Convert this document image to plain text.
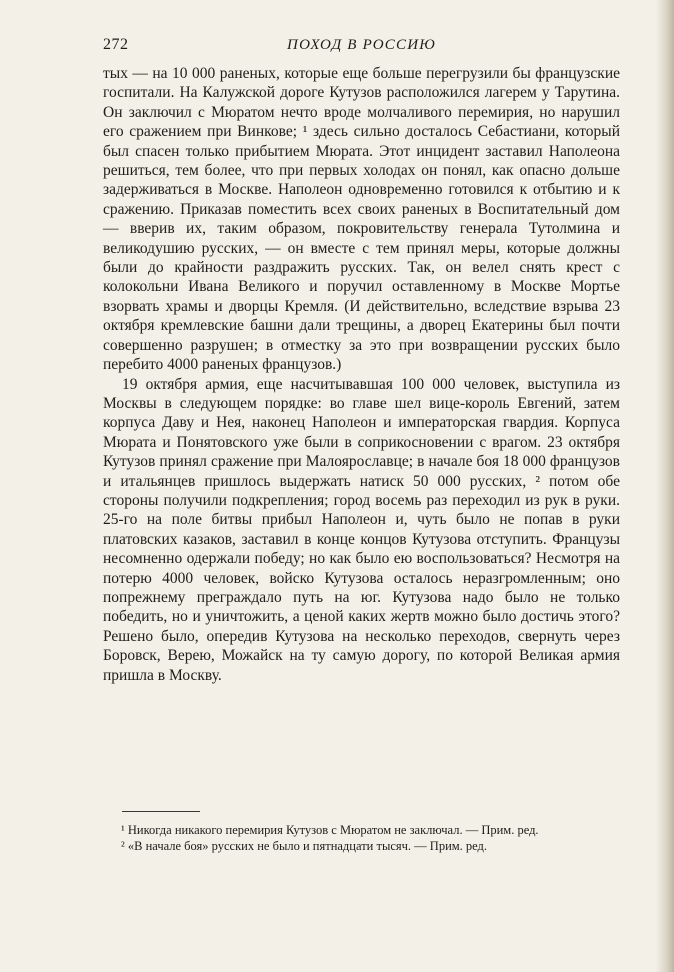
272	ПОХОД В РОССИЮ

тых — на 10 000 раненых, которые еще больше перегрузили бы французские госпитали. На Калужской дороге Кутузов расположился лагерем у Тарутина. Он заключил с Мюратом нечто вроде молчаливого перемирия, но нарушил его сражением при Винкове; ¹ здесь сильно досталось Себастиани, который был спасен только прибытием Мюрата. Этот инцидент заставил Наполеона решиться, тем более, что при первых холодах он понял, как опасно дольше задерживаться в Москве. Наполеон одновременно готовился к отбытию и к сражению. Приказав поместить всех своих раненых в Воспитательный дом — вверив их, таким образом, покровительству генерала Тутолмина и великодушию русских, — он вместе с тем принял меры, которые должны были до крайности раздражить русских. Так, он велел снять крест с колокольни Ивана Великого и поручил оставленному в Москве Мортье взорвать храмы и дворцы Кремля. (И действительно, вследствие взрыва 23 октября кремлевские башни дали трещины, а дворец Екатерины был почти совершенно разрушен; в отместку за это при возвращении русских было перебито 4000 раненых французов.)

19 октября армия, еще насчитывавшая 100 000 человек, выступила из Москвы в следующем порядке: во главе шел вице-король Евгений, затем корпуса Даву и Нея, наконец Наполеон и императорская гвардия. Корпуса Мюрата и Понятовского уже были в соприкосновении с врагом. 23 октября Кутузов принял сражение при Малоярославце; в начале боя 18 000 французов и итальянцев пришлось выдержать натиск 50 000 русских, ² потом обе стороны получили подкрепления; город восемь раз переходил из рук в руки. 25-го на поле битвы прибыл Наполеон и, чуть было не попав в руки платовских казаков, заставил в конце концов Кутузова отступить. Французы несомненно одержали победу; но как было ею воспользоваться? Несмотря на потерю 4000 человек, войско Кутузова осталось неразгромленным; оно попрежнему преграждало путь на юг. Кутузова надо было не только победить, но и уничтожить, а ценой каких жертв можно было достичь этого? Решено было, опередив Кутузова на несколько переходов, свернуть через Боровск, Верею, Можайск на ту самую дорогу, по которой Великая армия пришла в Москву.

¹ Никогда никакого перемирия Кутузов с Мюратом не заключал. — Прим. ред.

² «В начале боя» русских не было и пятнадцати тысяч. — Прим. ред.
